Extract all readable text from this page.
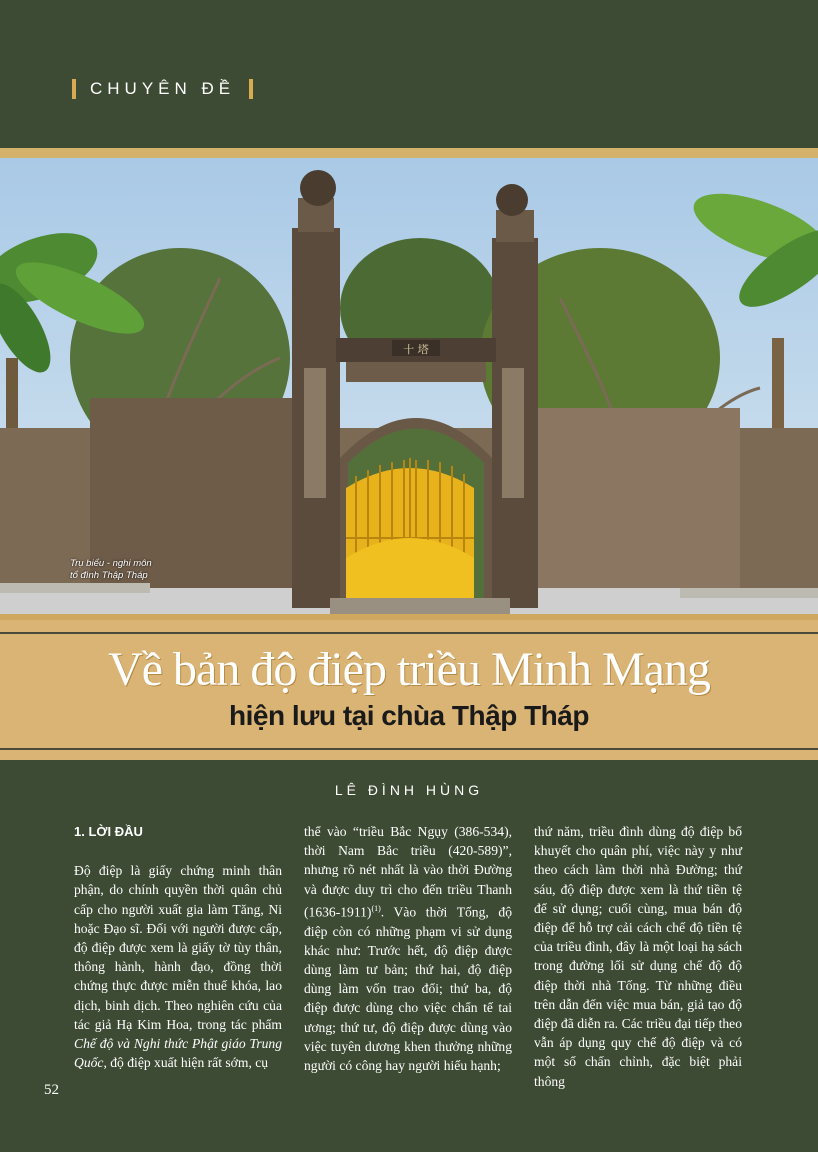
CHUYÊN ĐỀ
十 塔
Trụ biểu - nghi môn
tổ đình Thập Tháp
Về bản độ điệp triều Minh Mạng
hiện lưu tại chùa Thập Tháp
LÊ ĐÌNH HÙNG

1. LỜI ĐẦU

Độ điệp là giấy chứng minh thân phận, do chính quyền thời quân chủ cấp cho người xuất gia làm Tăng, Ni hoặc Đạo sĩ. Đối với người được cấp, độ điệp được xem là giấy tờ tùy thân, thông hành, hành đạo, đồng thời chứng thực được miễn thuế khóa, lao dịch, binh dịch. Theo nghiên cứu của tác giả Hạ Kim Hoa, trong tác phẩm Chế độ và Nghi thức Phật giáo Trung Quốc, độ điệp xuất hiện rất sớm, cụ

thể vào “triều Bắc Ngụy (386-534), thời Nam Bắc triều (420-589)”, nhưng rõ nét nhất là vào thời Đường và được duy trì cho đến triều Thanh (1636-1911)$^{(1)}$. Vào thời Tống, độ điệp còn có những phạm vi sử dụng khác như: Trước hết, độ điệp được dùng làm tư bản; thứ hai, độ điệp dùng làm vốn trao đổi; thứ ba, độ điệp được dùng cho việc chẩn tế tai ương; thứ tư, độ điệp được dùng vào việc tuyên dương khen thưởng những người có công hay người hiếu hạnh;

thứ năm, triều đình dùng độ điệp bổ khuyết cho quân phí, việc này y như theo cách làm thời nhà Đường; thứ sáu, độ điệp được xem là thứ tiền tệ để sử dụng; cuối cùng, mua bán độ điệp để hỗ trợ cải cách chế độ tiền tệ của triều đình, đây là một loại hạ sách trong đường lối sử dụng chế độ độ điệp thời nhà Tống. Từ những điều trên dẫn đến việc mua bán, giả tạo độ điệp đã diễn ra. Các triều đại tiếp theo vẫn áp dụng quy chế độ điệp và có một số chấn chỉnh, đặc biệt phải thông

52
